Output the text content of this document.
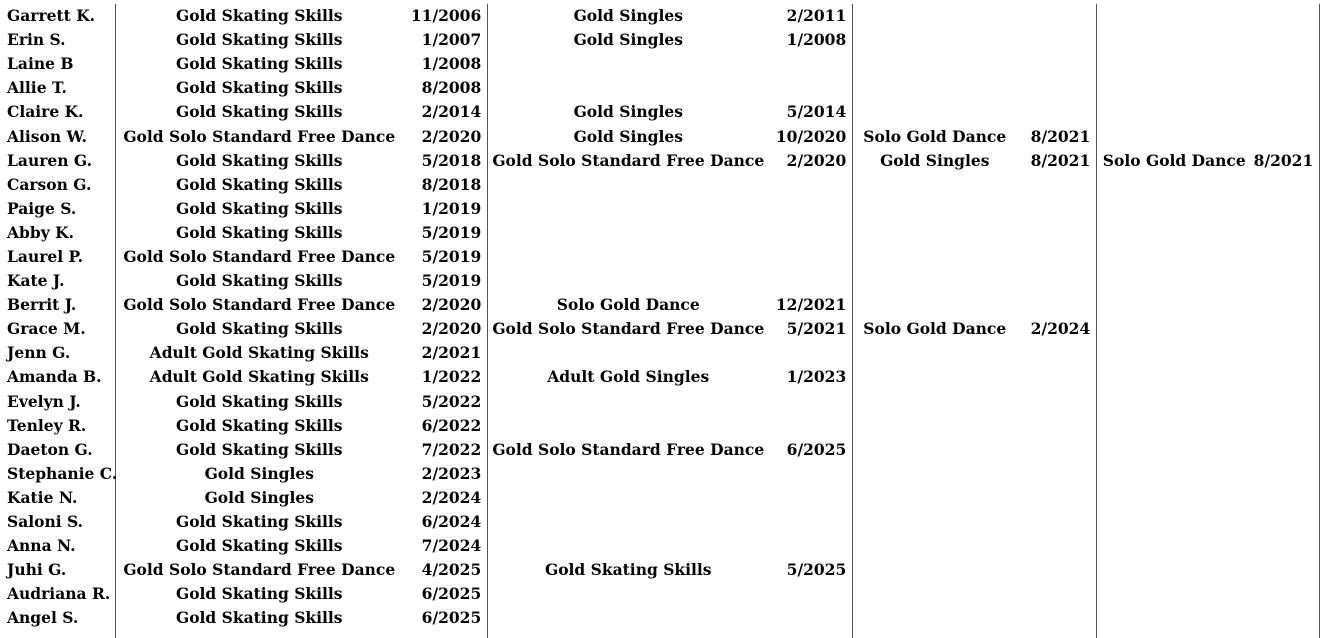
Garrett K.	Gold Skating Skills	11/2006	Gold Singles	2/2011				
Erin S.	Gold Skating Skills	1/2007	Gold Singles	1/2008				
Laine B	Gold Skating Skills	1/2008						
Allie T.	Gold Skating Skills	8/2008						
Claire K.	Gold Skating Skills	2/2014	Gold Singles	5/2014				
Alison W.	Gold Solo Standard Free Dance	2/2020	Gold Singles	10/2020	Solo Gold Dance	8/2021		
Lauren G.	Gold Skating Skills	5/2018	Gold Solo Standard Free Dance	2/2020	Gold Singles	8/2021	Solo Gold Dance	8/2021
Carson G.	Gold Skating Skills	8/2018						
Paige S.	Gold Skating Skills	1/2019						
Abby K.	Gold Skating Skills	5/2019						
Laurel P.	Gold Solo Standard Free Dance	5/2019						
Kate J.	Gold Skating Skills	5/2019						
Berrit J.	Gold Solo Standard Free Dance	2/2020	Solo Gold Dance	12/2021				
Grace M.	Gold Skating Skills	2/2020	Gold Solo Standard Free Dance	5/2021	Solo Gold Dance	2/2024		
Jenn G.	Adult Gold Skating Skills	2/2021						
Amanda B.	Adult Gold Skating Skills	1/2022	Adult Gold Singles	1/2023				
Evelyn J.	Gold Skating Skills	5/2022						
Tenley R.	Gold Skating Skills	6/2022						
Daeton G.	Gold Skating Skills	7/2022	Gold Solo Standard Free Dance	6/2025				
Stephanie C.	Gold Singles	2/2023						
Katie N.	Gold Singles	2/2024						
Saloni S.	Gold Skating Skills	6/2024						
Anna N.	Gold Skating Skills	7/2024						
Juhi G.	Gold Solo Standard Free Dance	4/2025	Gold Skating Skills	5/2025				
Audriana R.	Gold Skating Skills	6/2025						
Angel S.	Gold Skating Skills	6/2025						
